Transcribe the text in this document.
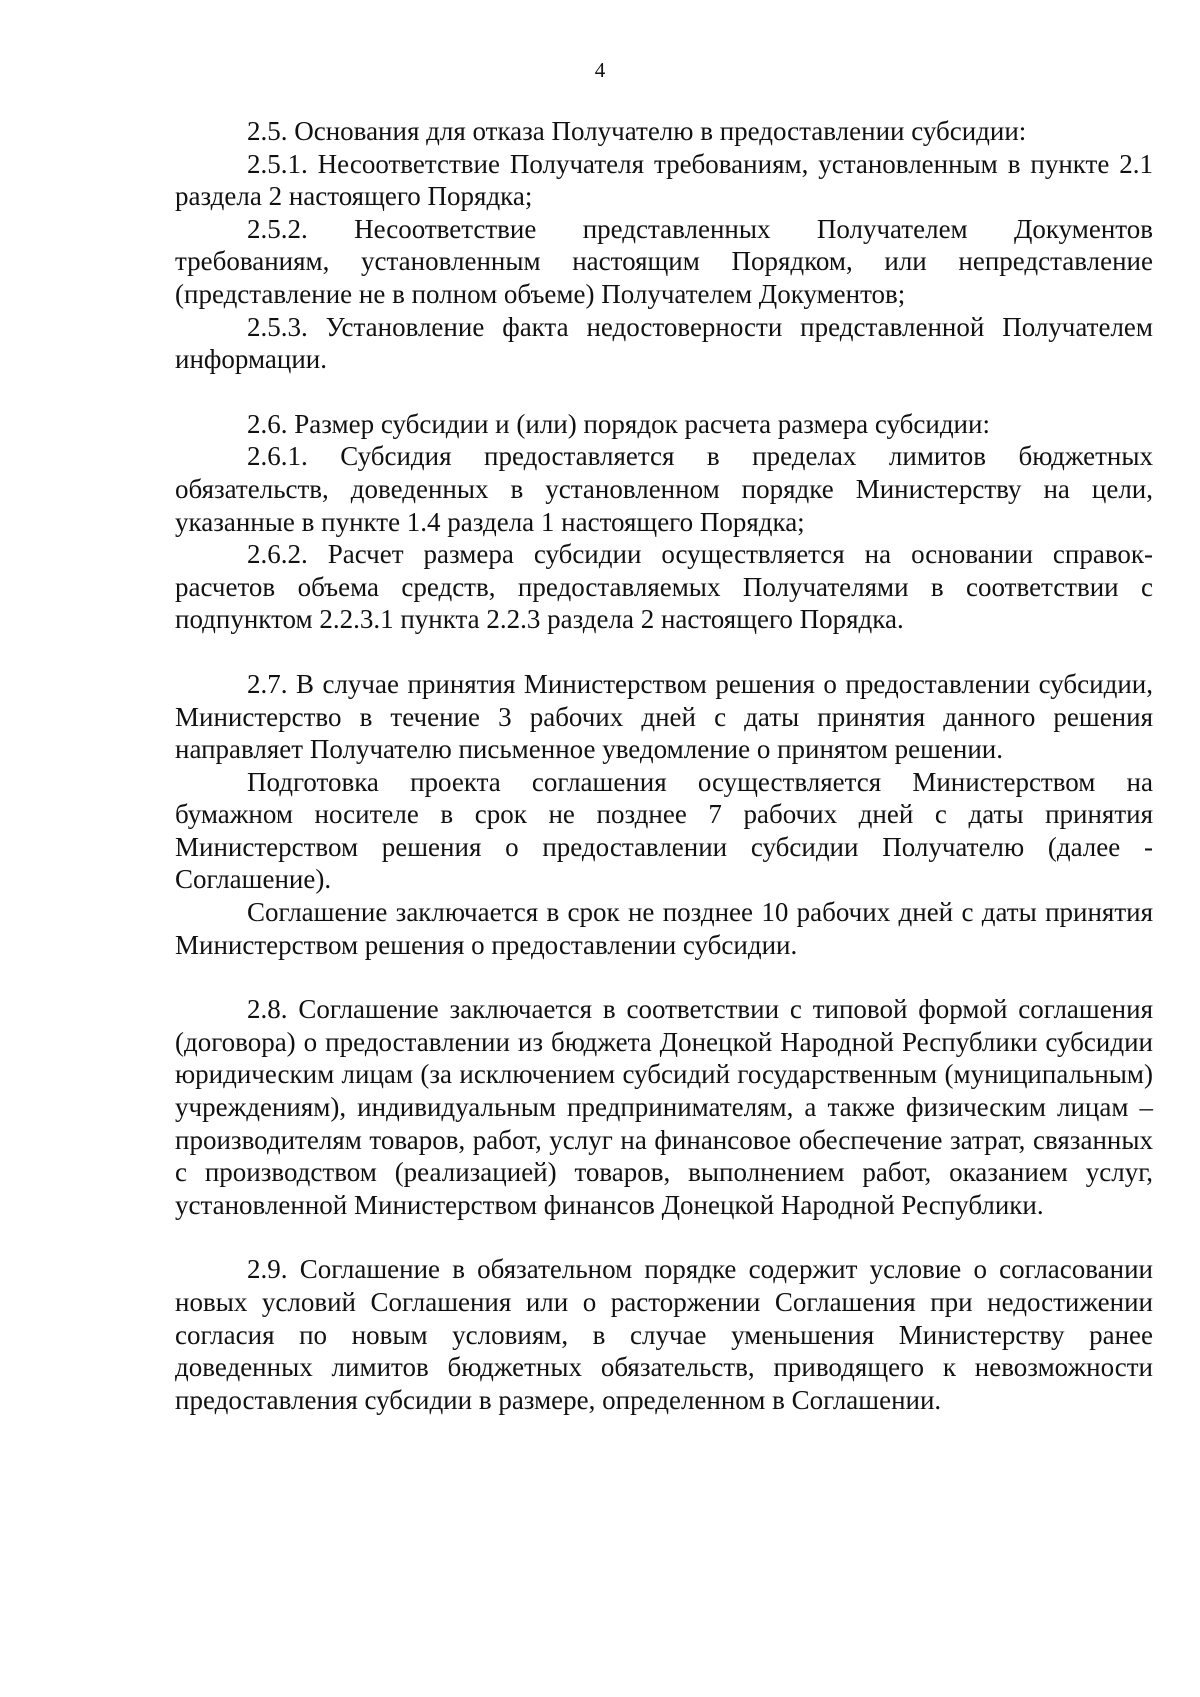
4

2.5. Основания для отказа Получателю в предоставлении субсидии:

2.5.1. Несоответствие Получателя требованиям, установленным в пункте 2.1 раздела 2 настоящего Порядка;

2.5.2. Несоответствие представленных Получателем Документов требованиям, установленным настоящим Порядком, или непредставление (представление не в полном объеме) Получателем Документов;

2.5.3. Установление факта недостоверности представленной Получателем информации.

2.6. Размер субсидии и (или) порядок расчета размера субсидии:

2.6.1. Субсидия предоставляется в пределах лимитов бюджетных обязательств, доведенных в установленном порядке Министерству на цели, указанные в пункте 1.4 раздела 1 настоящего Порядка;

2.6.2. Расчет размера субсидии осуществляется на основании справок-расчетов объема средств, предоставляемых Получателями в соответствии с подпунктом 2.2.3.1 пункта 2.2.3 раздела 2 настоящего Порядка.

2.7. В случае принятия Министерством решения о предоставлении субсидии, Министерство в течение 3 рабочих дней с даты принятия данного решения направляет Получателю письменное уведомление о принятом решении.

Подготовка проекта соглашения осуществляется Министерством на бумажном носителе в срок не позднее 7 рабочих дней с даты принятия Министерством решения о предоставлении субсидии Получателю (далее - Соглашение).

Соглашение заключается в срок не позднее 10 рабочих дней с даты принятия Министерством решения о предоставлении субсидии.

2.8. Соглашение заключается в соответствии с типовой формой соглашения (договора) о предоставлении из бюджета Донецкой Народной Республики субсидии юридическим лицам (за исключением субсидий государственным (муниципальным) учреждениям), индивидуальным предпринимателям, а также физическим лицам – производителям товаров, работ, услуг на финансовое обеспечение затрат, связанных с производством (реализацией) товаров, выполнением работ, оказанием услуг, установленной Министерством финансов Донецкой Народной Республики.

2.9. Соглашение в обязательном порядке содержит условие о согласовании новых условий Соглашения или о расторжении Соглашения при недостижении согласия по новым условиям, в случае уменьшения Министерству ранее доведенных лимитов бюджетных обязательств, приводящего к невозможности предоставления субсидии в размере, определенном в Соглашении.
